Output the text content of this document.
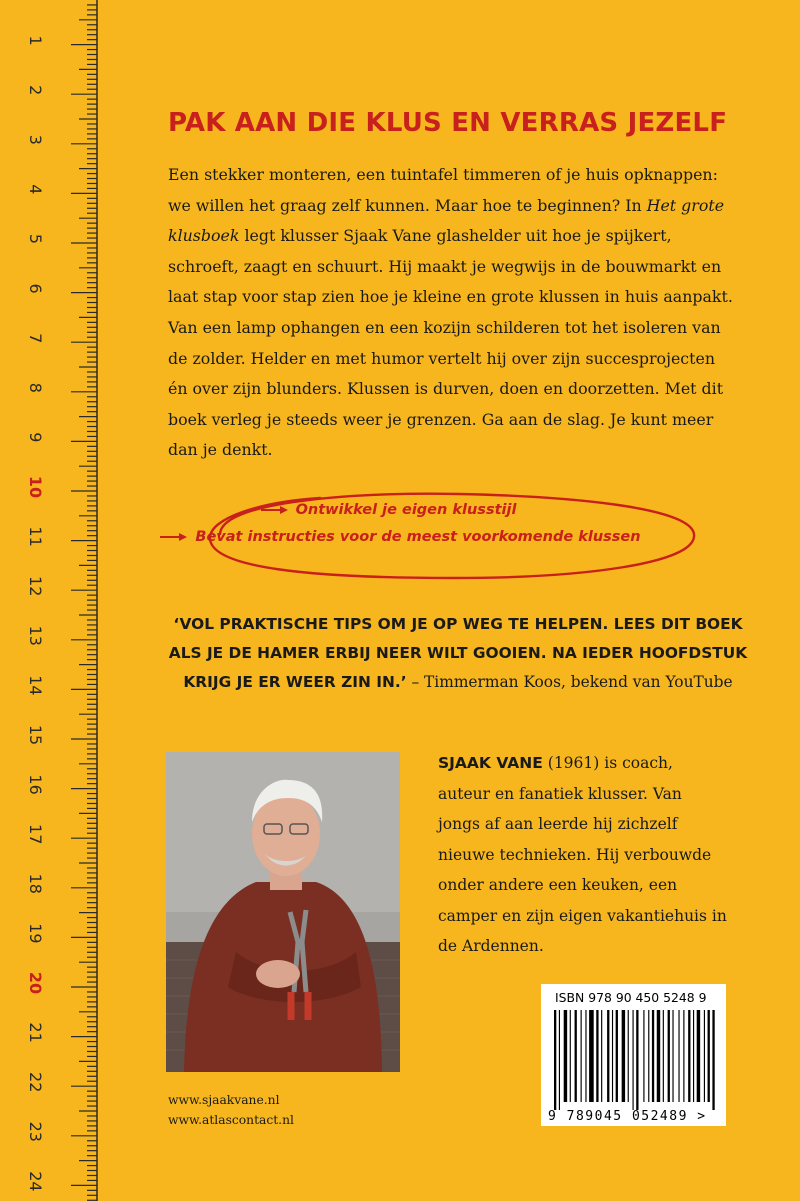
1
2
3
4
5
6
7
8
9
10
11
12
13
14
15
16
17
18
19
20
21
22
23
24
PAK AAN DIE KLUS EN VERRAS JEZELF

Een stekker monteren, een tuintafel timmeren of je huis opknappen: we willen het graag zelf kunnen. Maar hoe te beginnen? In Het grote klusboek legt klusser Sjaak Vane glashelder uit hoe je spijkert, schroeft, zaagt en schuurt. Hij maakt je wegwijs in de bouwmarkt en laat stap voor stap zien hoe je kleine en grote klussen in huis aanpakt. Van een lamp ophangen en een kozijn schilderen tot het isoleren van de zolder. Helder en met humor vertelt hij over zijn succesprojecten én over zijn blunders. Klussen is durven, doen en doorzetten. Met dit boek verleg je steeds weer je grenzen. Ga aan de slag. Je kunt meer dan je denkt.

Ontwikkel je eigen klusstijl
Bevat instructies voor de meest voorkomende klussen

‘VOL PRAKTISCHE TIPS OM JE OP WEG TE HELPEN. LEES DIT BOEK ALS JE DE HAMER ERBIJ NEER WILT GOOIEN. NA IEDER HOOFDSTUK KRIJG JE ER WEER ZIN IN.’ – Timmerman Koos, bekend van YouTube

SJAAK VANE (1961) is coach, auteur en fanatiek klusser. Van jongs af aan leerde hij zichzelf nieuwe technieken. Hij verbouwde onder andere een keuken, een camper en zijn eigen vakantiehuis in de Ardennen.

ISBN 978 90 450 5248 9
9 789045 052489 >

www.sjaakvane.nl
www.atlascontact.nl
